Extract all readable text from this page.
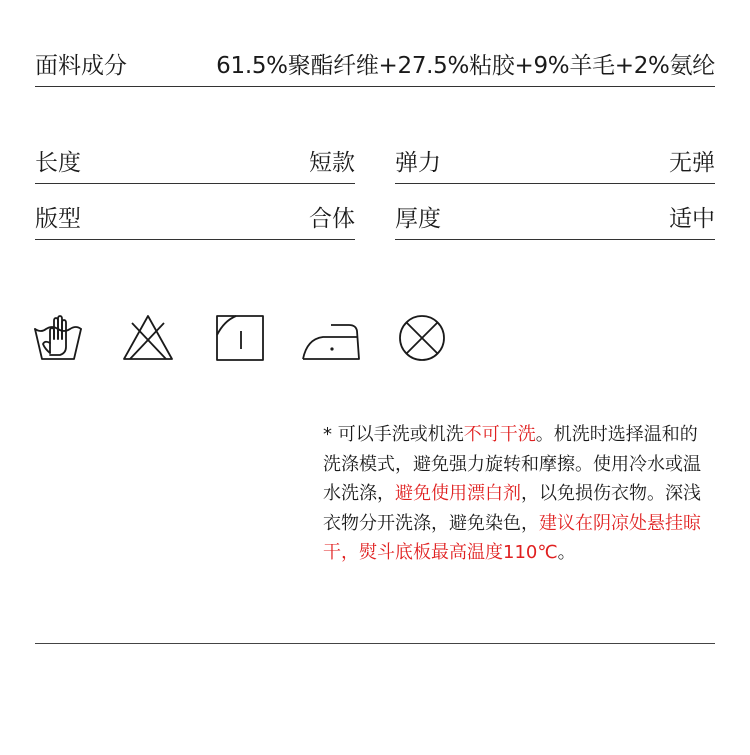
面料成分	61.5%聚酯纤维+27.5%粘胶+9%羊毛+2%氨纶
长度	短款 弹力	无弹
版型	合体 厚度	适中

* 可以手洗或机洗不可干洗。机洗时选择温和的洗涤模式，避免强力旋转和摩擦。使用冷水或温水洗涤，避免使用漂白剂，以免损伤衣物。深浅衣物分开洗涤，避免染色，建议在阴凉处悬挂晾干，熨斗底板最高温度110℃。
